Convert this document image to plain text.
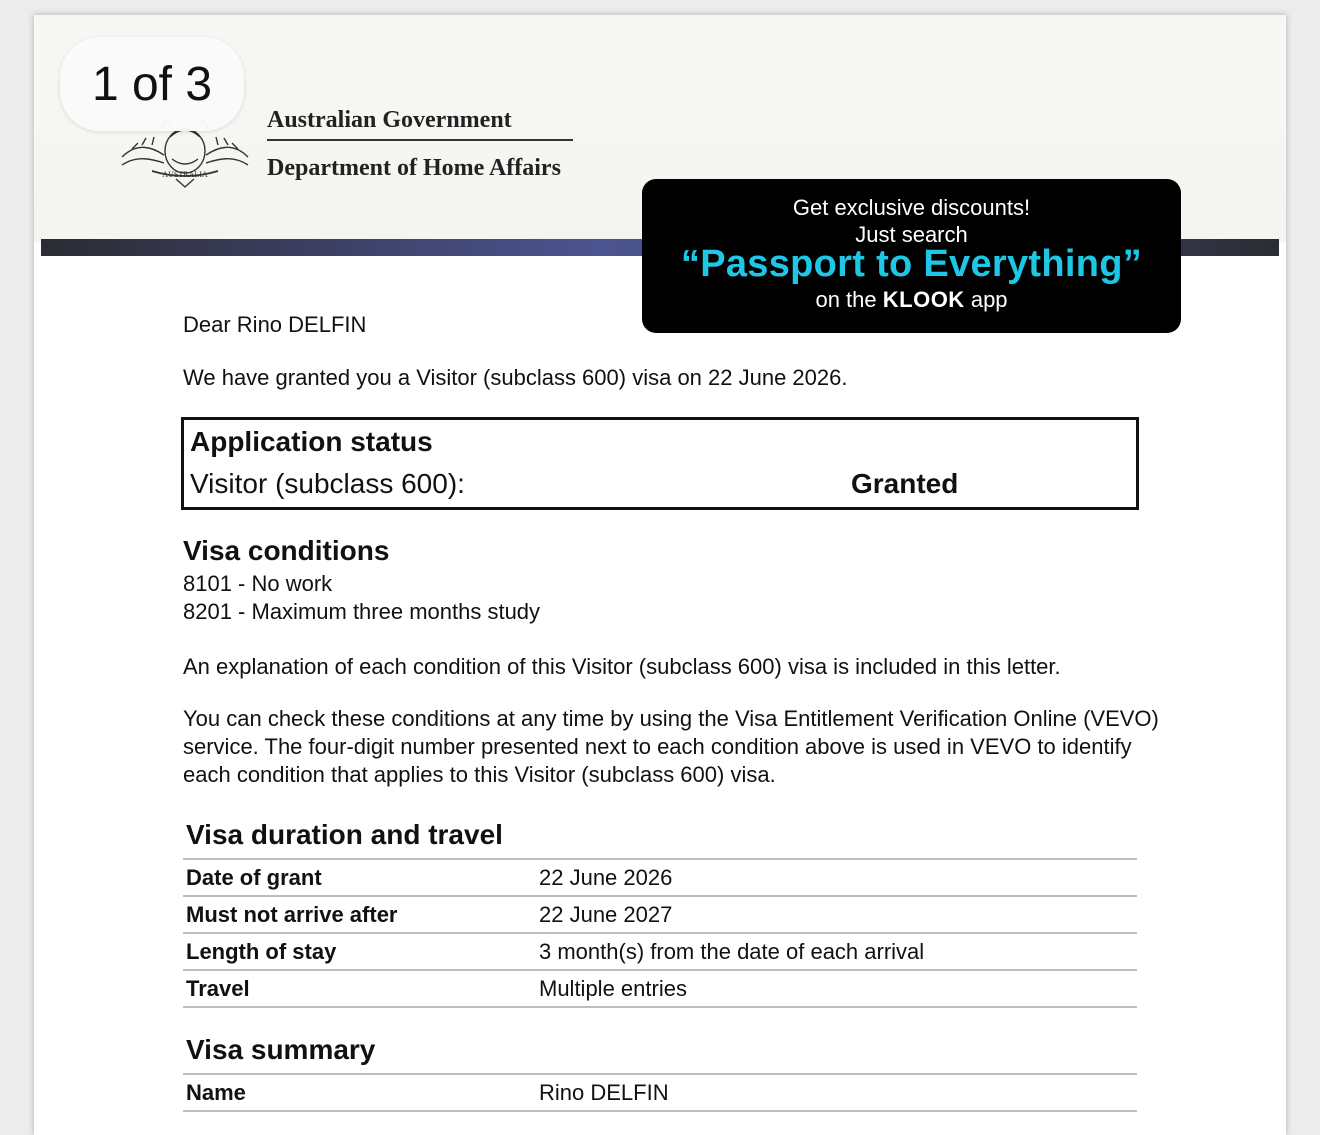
1 of 3
AUSTRALIA
Australian Government
Department of Home Affairs
Get exclusive discounts!
Just search
“Passport to Everything”
on the KLOOK app
Dear Rino DELFIN
We have granted you a Visitor (subclass 600) visa on 22 June 2026.
Application status
Visitor (subclass 600):	Granted
Visa conditions
8101 - No work
8201 - Maximum three months study
An explanation of each condition of this Visitor (subclass 600) visa is included in this letter.
You can check these conditions at any time by using the Visa Entitlement Verification Online (VEVO) service. The four-digit number presented next to each condition above is used in VEVO to identify each condition that applies to this Visitor (subclass 600) visa.
Visa duration and travel
Date of grant	22 June 2026
Must not arrive after	22 June 2027
Length of stay	3 month(s) from the date of each arrival
Travel	Multiple entries
Visa summary
Name	Rino DELFIN
